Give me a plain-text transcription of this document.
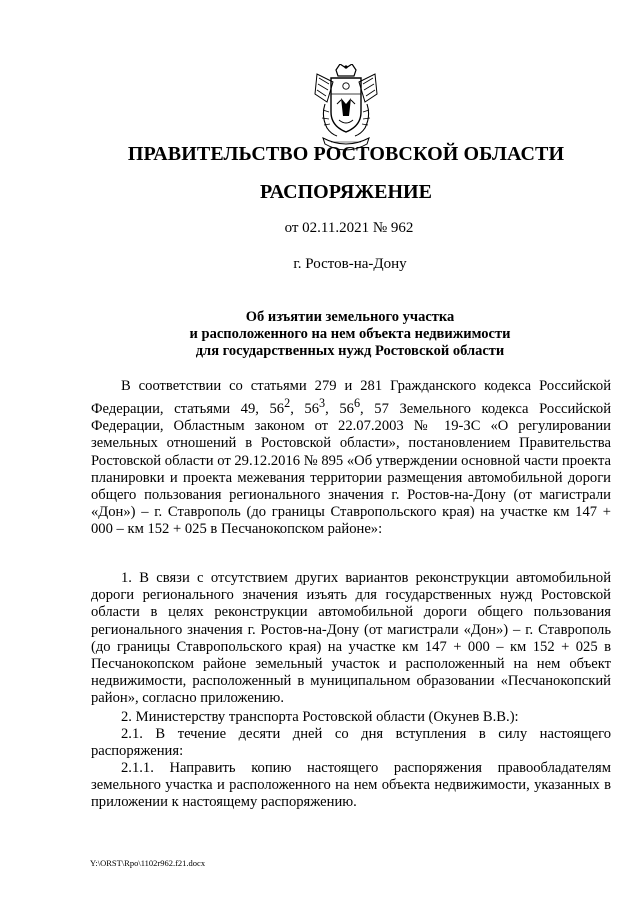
ПРАВИТЕЛЬСТВО РОСТОВСКОЙ ОБЛАСТИ
РАСПОРЯЖЕНИЕ
от 02.11.2021 № 962
г. Ростов-на-Дону
Об изъятии земельного участка
и расположенного на нем объекта недвижимости
для государственных нужд Ростовской области

В соответствии со статьями 279 и 281 Гражданского кодекса Российской Федерации, статьями 49, $56^2$, $56^3$, $56^6$, 57 Земельного кодекса Российской Федерации, Областным законом от 22.07.2003 № 19-ЗС «О регулировании земельных отношений в Ростовской области», постановлением Правительства Ростовской области от 29.12.2016 № 895 «Об утверждении основной части проекта планировки и проекта межевания территории размещения автомобильной дороги общего пользования регионального значения г. Ростов-на-Дону (от магистрали «Дон») – г. Ставрополь (до границы Ставропольского края) на участке км 147 + 000 – км 152 + 025 в Песчанокопском районе»:

1. В связи с отсутствием других вариантов реконструкции автомобильной дороги регионального значения изъять для государственных нужд Ростовской области в целях реконструкции автомобильной дороги общего пользования регионального значения г. Ростов-на-Дону (от магистрали «Дон») – г. Ставрополь (до границы Ставропольского края) на участке км 147 + 000 – км 152 + 025 в Песчанокопском районе земельный участок и расположенный на нем объект недвижимости, расположенный в муниципальном образовании «Песчанокопский район», согласно приложению.

2. Министерству транспорта Ростовской области (Окунев В.В.):

2.1. В течение десяти дней со дня вступления в силу настоящего распоряжения:

2.1.1. Направить копию настоящего распоряжения правообладателям земельного участка и расположенного на нем объекта недвижимости, указанных в приложении к настоящему распоряжению.

Y:\ORST\Rpo\1102r962.f21.docx
